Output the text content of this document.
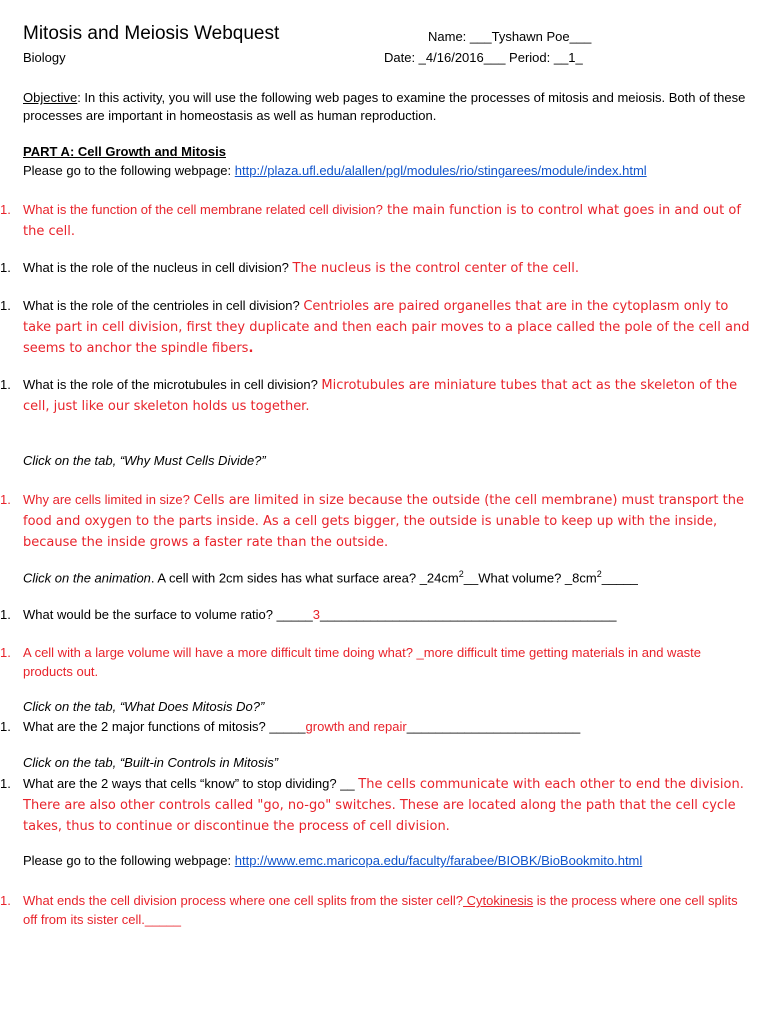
Mitosis and Meiosis Webquest
Biology
Name: ___Tyshawn Poe___
Date: _4/16/2016___ Period: __1_
Objective: In this activity, you will use the following web pages to examine the processes of mitosis and meiosis. Both of these processes are important in homeostasis as well as human reproduction.
PART A: Cell Growth and Mitosis
Please go to the following webpage: http://plaza.ufl.edu/alallen/pgl/modules/rio/stingarees/module/index.html
1. What is the function of the cell membrane related cell division? the main function is to control what goes in and out of the cell.
1. What is the role of the nucleus in cell division? The nucleus is the control center of the cell.
1. What is the role of the centrioles in cell division? Centrioles are paired organelles that are in the cytoplasm only to take part in cell division, first they duplicate and then each pair moves to a place called the pole of the cell and seems to anchor the spindle fibers.
1. What is the role of the microtubules in cell division? Microtubules are miniature tubes that act as the skeleton of the cell, just like our skeleton holds us together.
Click on the tab, “Why Must Cells Divide?”
1. Why are cells limited in size? Cells are limited in size because the outside (the cell membrane) must transport the food and oxygen to the parts inside. As a cell gets bigger, the outside is unable to keep up with the inside, because the inside grows a faster rate than the outside.
Click on the animation. A cell with 2cm sides has what surface area? $\_24cm^2\_\_What$ volume? $\_8cm^2\_\_\_\_\_$
1. What would be the surface to volume ratio? _____3_________________________________________
1. A cell with a large volume will have a more difficult time doing what? _more difficult time getting materials in and waste products out.
Click on the tab, “What Does Mitosis Do?”
1. What are the 2 major functions of mitosis? _____growth and repair________________________
Click on the tab, “Built-in Controls in Mitosis”
1. What are the 2 ways that cells “know” to stop dividing? __ The cells communicate with each other to end the division. There are also other controls called "go, no-go" switches. These are located along the path that the cell cycle takes, thus to continue or discontinue the process of cell division.
Please go to the following webpage: http://www.emc.maricopa.edu/faculty/farabee/BIOBK/BioBookmito.html
1. What ends the cell division process where one cell splits from the sister cell? Cytokinesis is the process where one cell splits off from its sister cell._____
